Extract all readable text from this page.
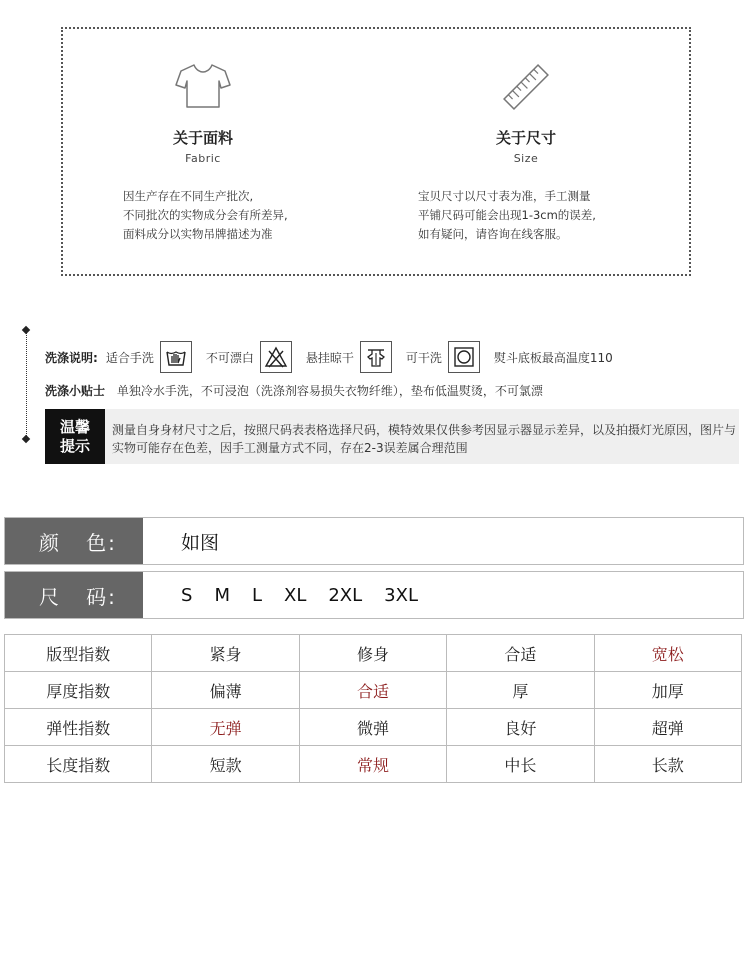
关于面料
Fabric
因生产存在不同生产批次,
不同批次的实物成分会有所差异,
面料成分以实物吊牌描述为准
关于尺寸
Size
宝贝尺寸以尺寸表为准，手工测量
平铺尺码可能会出现1-3cm的误差,
如有疑问，请咨询在线客服。
洗涤说明: 适合手洗	不可漂白	悬挂晾干	可干洗	熨斗底板最高温度110
洗涤小贴士 单独冷水手洗，不可浸泡（洗涤剂容易损失衣物纤维），垫布低温熨烫，不可氯漂
温馨
提示
测量自身身材尺寸之后，按照尺码表表格选择尺码，模特效果仅供参考因显示器显示差异，以及拍摄灯光原因，图片与实物可能存在色差，因手工测量方式不同，存在2-3误差属合理范围
颜   色:	如图
尺   码:	S M L XL 2XL 3XL
版型指数	紧身	修身	合适	宽松
厚度指数	偏薄	合适	厚	加厚
弹性指数	无弹	微弹	良好	超弹
长度指数	短款	常规	中长	长款
